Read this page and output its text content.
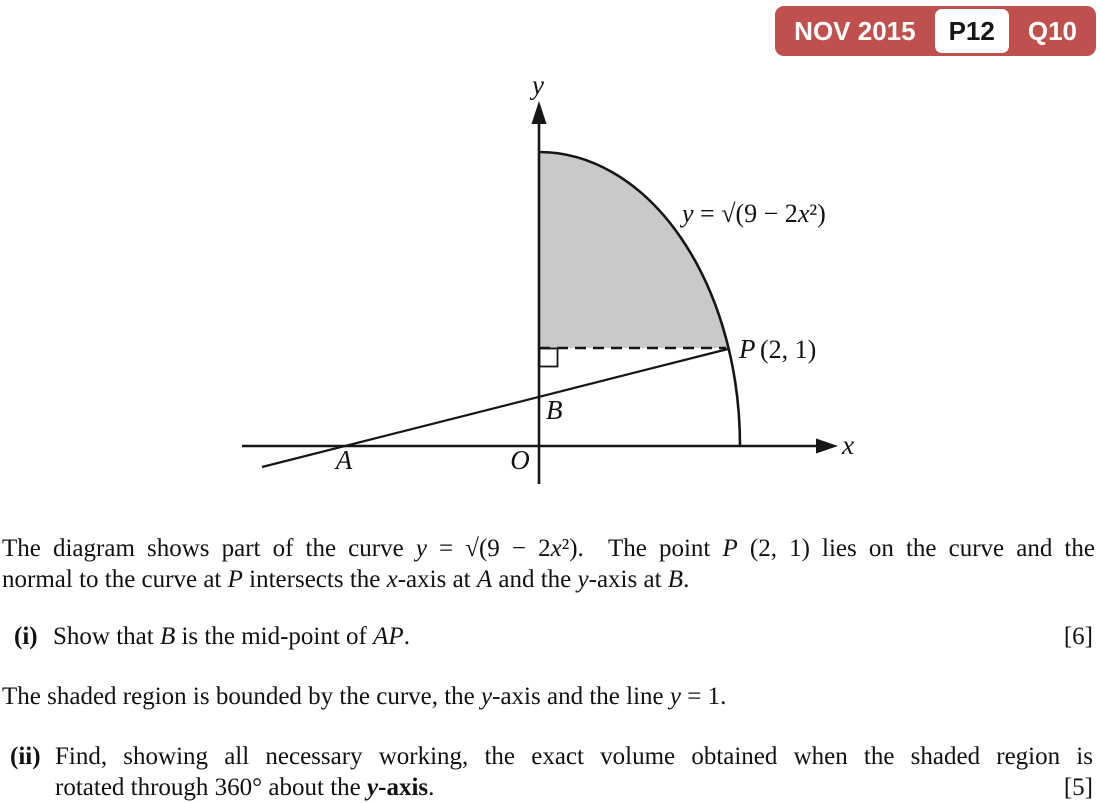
NOV 2015	P12	Q10
y
x
O
A
B
P (2, 1)
y = √(9 − 2x²)
The diagram shows part of the curve y = √(9 − 2x²).  The point P (2, 1) lies on the curve and the
normal to the curve at P intersects the x-axis at A and the y-axis at B.
(i) Show that B is the mid-point of AP.	[6]
The shaded region is bounded by the curve, the y-axis and the line y = 1.
(ii) Find, showing all necessary working, the exact volume obtained when the shaded region is
rotated through 360° about the y-axis.	[5]
